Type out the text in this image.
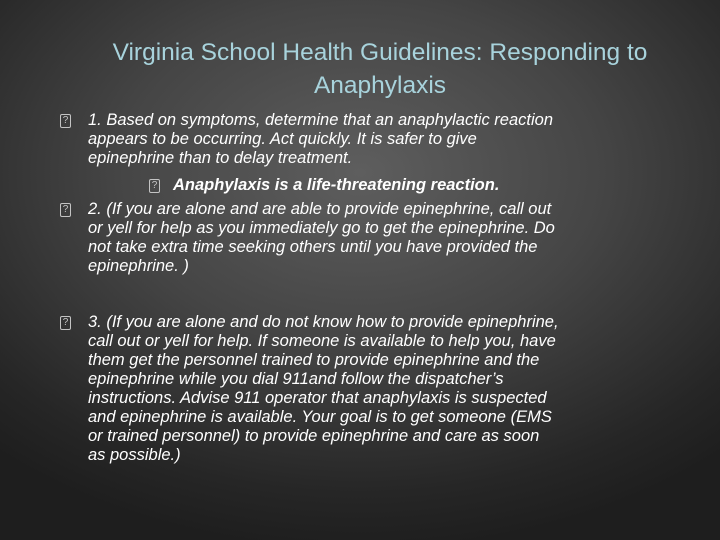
Virginia School Health Guidelines: Responding to Anaphylaxis
?
1. Based on symptoms, determine that an anaphylactic reaction
appears to be occurring. Act quickly. It is safer to give
epinephrine than to delay treatment.
?
Anaphylaxis is a life-threatening reaction.
?
2. (If you are alone and are able to provide epinephrine, call out
or yell for help as you immediately go to get the epinephrine. Do
not take extra time seeking others until you have provided the
epinephrine. )
?
3. (If you are alone and do not know how to provide epinephrine,
call out or yell for help. If someone is available to help you, have
them get the personnel trained to provide epinephrine and the
epinephrine while you dial 911and follow the dispatcher’s
instructions. Advise 911 operator that anaphylaxis is suspected
and epinephrine is available. Your goal is to get someone (EMS
or trained personnel) to provide epinephrine and care as soon
as possible.)
